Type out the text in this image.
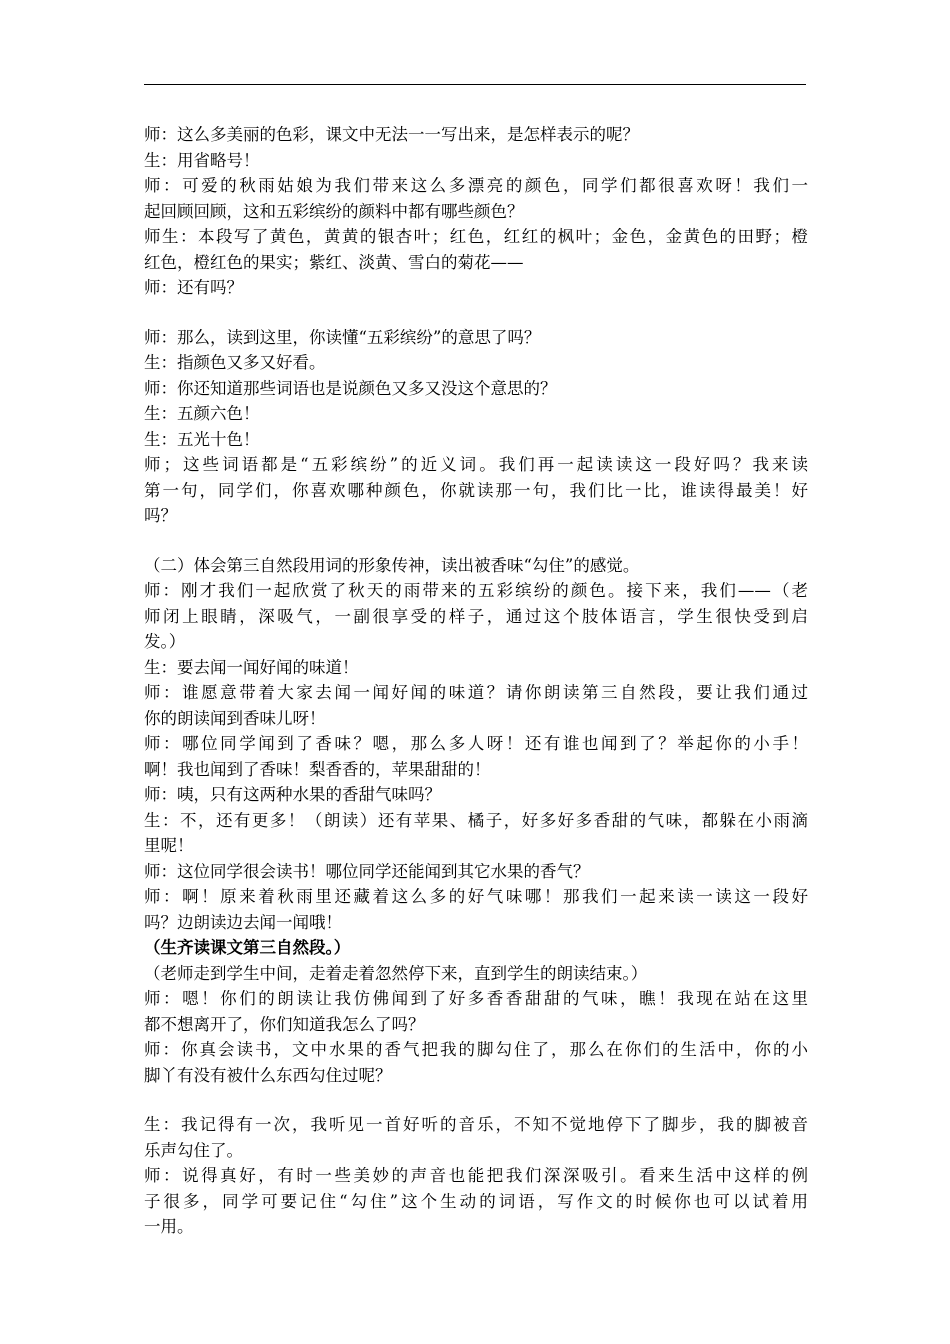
师：这么多美丽的色彩，课文中无法一一写出来，是怎样表示的呢？
生：用省略号！
师：可爱的秋雨姑娘为我们带来这么多漂亮的颜色，同学们都很喜欢呀！我们一
起回顾回顾，这和五彩缤纷的颜料中都有哪些颜色？
师生：本段写了黄色，黄黄的银杏叶；红色，红红的枫叶；金色，金黄色的田野；橙
红色，橙红色的果实；紫红、淡黄、雪白的菊花——
师：还有吗？
师：那么，读到这里，你读懂“五彩缤纷”的意思了吗？
生：指颜色又多又好看。
师：你还知道那些词语也是说颜色又多又没这个意思的？
生：五颜六色！
生：五光十色！
师；这些词语都是“五彩缤纷”的近义词。我们再一起读读这一段好吗？我来读
第一句，同学们，你喜欢哪种颜色，你就读那一句，我们比一比，谁读得最美！好
吗？
（二）体会第三自然段用词的形象传神，读出被香味“勾住”的感觉。
师：刚才我们一起欣赏了秋天的雨带来的五彩缤纷的颜色。接下来，我们——（老
师闭上眼睛，深吸气，一副很享受的样子，通过这个肢体语言，学生很快受到启
发。）
生：要去闻一闻好闻的味道！
师：谁愿意带着大家去闻一闻好闻的味道？请你朗读第三自然段，要让我们通过
你的朗读闻到香味儿呀！
师：哪位同学闻到了香味？嗯，那么多人呀！还有谁也闻到了？举起你的小手！
啊！我也闻到了香味！梨香香的，苹果甜甜的！
师：咦，只有这两种水果的香甜气味吗？
生：不，还有更多！（朗读）还有苹果、橘子，好多好多香甜的气味，都躲在小雨滴
里呢！
师：这位同学很会读书！哪位同学还能闻到其它水果的香气？
师：啊！原来着秋雨里还藏着这么多的好气味哪！那我们一起来读一读这一段好
吗？边朗读边去闻一闻哦！
（生齐读课文第三自然段。）
（老师走到学生中间，走着走着忽然停下来，直到学生的朗读结束。）
师：嗯！你们的朗读让我仿佛闻到了好多香香甜甜的气味，瞧！我现在站在这里
都不想离开了，你们知道我怎么了吗？
师：你真会读书，文中水果的香气把我的脚勾住了，那么在你们的生活中，你的小
脚丫有没有被什么东西勾住过呢？
生：我记得有一次，我听见一首好听的音乐，不知不觉地停下了脚步，我的脚被音
乐声勾住了。
师：说得真好，有时一些美妙的声音也能把我们深深吸引。看来生活中这样的例
子很多，同学可要记住“勾住”这个生动的词语，写作文的时候你也可以试着用
一用。
